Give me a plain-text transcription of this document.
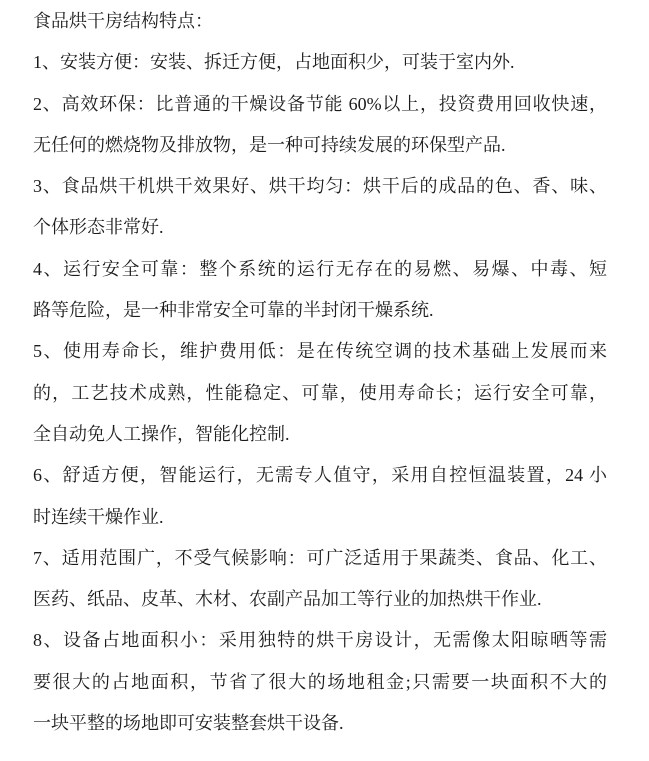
食品烘干房结构特点：
1、安装方便：安装、拆迁方便，占地面积少，可装于室内外.
2、高效环保：比普通的干燥设备节能 60%以上，投资费用回收快速，
无任何的燃烧物及排放物，是一种可持续发展的环保型产品.
3、食品烘干机烘干效果好、烘干均匀：烘干后的成品的色、香、味、
个体形态非常好.
4、运行安全可靠：整个系统的运行无存在的易燃、易爆、中毒、短
路等危险，是一种非常安全可靠的半封闭干燥系统.
5、使用寿命长，维护费用低：是在传统空调的技术基础上发展而来
的，工艺技术成熟，性能稳定、可靠，使用寿命长；运行安全可靠，
全自动免人工操作，智能化控制.
6、舒适方便，智能运行，无需专人值守，采用自控恒温装置，24 小
时连续干燥作业.
7、适用范围广，不受气候影响：可广泛适用于果蔬类、食品、化工、
医药、纸品、皮革、木材、农副产品加工等行业的加热烘干作业.
8、设备占地面积小：采用独特的烘干房设计，无需像太阳晾晒等需
要很大的占地面积，节省了很大的场地租金;只需要一块面积不大的
一块平整的场地即可安装整套烘干设备.
